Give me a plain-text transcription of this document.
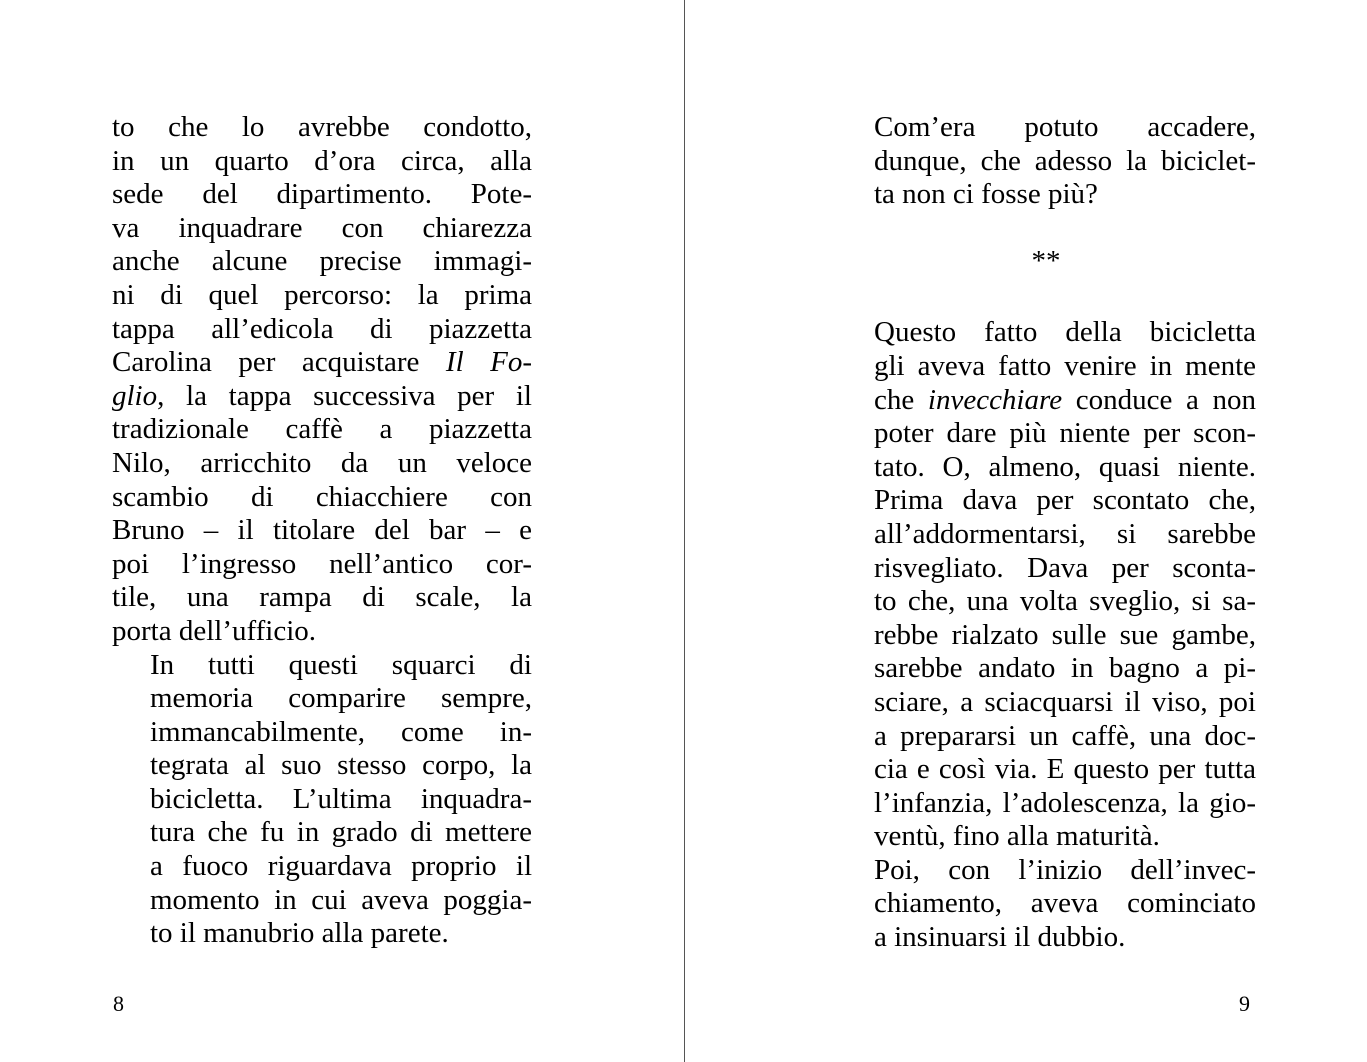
to che lo avrebbe condotto,
in un quarto d’ora circa, alla
sede del dipartimento. Pote-
va inquadrare con chiarezza
anche alcune precise immagi-
ni di quel percorso: la prima
tappa all’edicola di piazzetta
Carolina per acquistare Il Fo-
glio, la tappa successiva per il
tradizionale caffè a piazzetta
Nilo, arricchito da un veloce
scambio di chiacchiere con
Bruno – il titolare del bar – e
poi l’ingresso nell’antico cor-
tile, una rampa di scale, la
porta dell’ufficio.

In tutti questi squarci di
memoria comparire sempre,
immancabilmente, come in-
tegrata al suo stesso corpo, la
bicicletta. L’ultima inquadra-
tura che fu in grado di mettere
a fuoco riguardava proprio il
momento in cui aveva poggia-
to il manubrio alla parete.

Com’era potuto accadere,
dunque, che adesso la biciclet-
ta non ci fosse più?

**

Questo fatto della bicicletta
gli aveva fatto venire in mente
che invecchiare conduce a non
poter dare più niente per scon-
tato. O, almeno, quasi niente.
Prima dava per scontato che,
all’addormentarsi, si sarebbe
risvegliato. Dava per sconta-
to che, una volta sveglio, si sa-
rebbe rialzato sulle sue gambe,
sarebbe andato in bagno a pi-
sciare, a sciacquarsi il viso, poi
a prepararsi un caffè, una doc-
cia e così via. E questo per tutta
l’infanzia, l’adolescenza, la gio-
ventù, fino alla maturità.

Poi, con l’inizio dell’invec-
chiamento, aveva cominciato
a insinuarsi il dubbio.

8	9
